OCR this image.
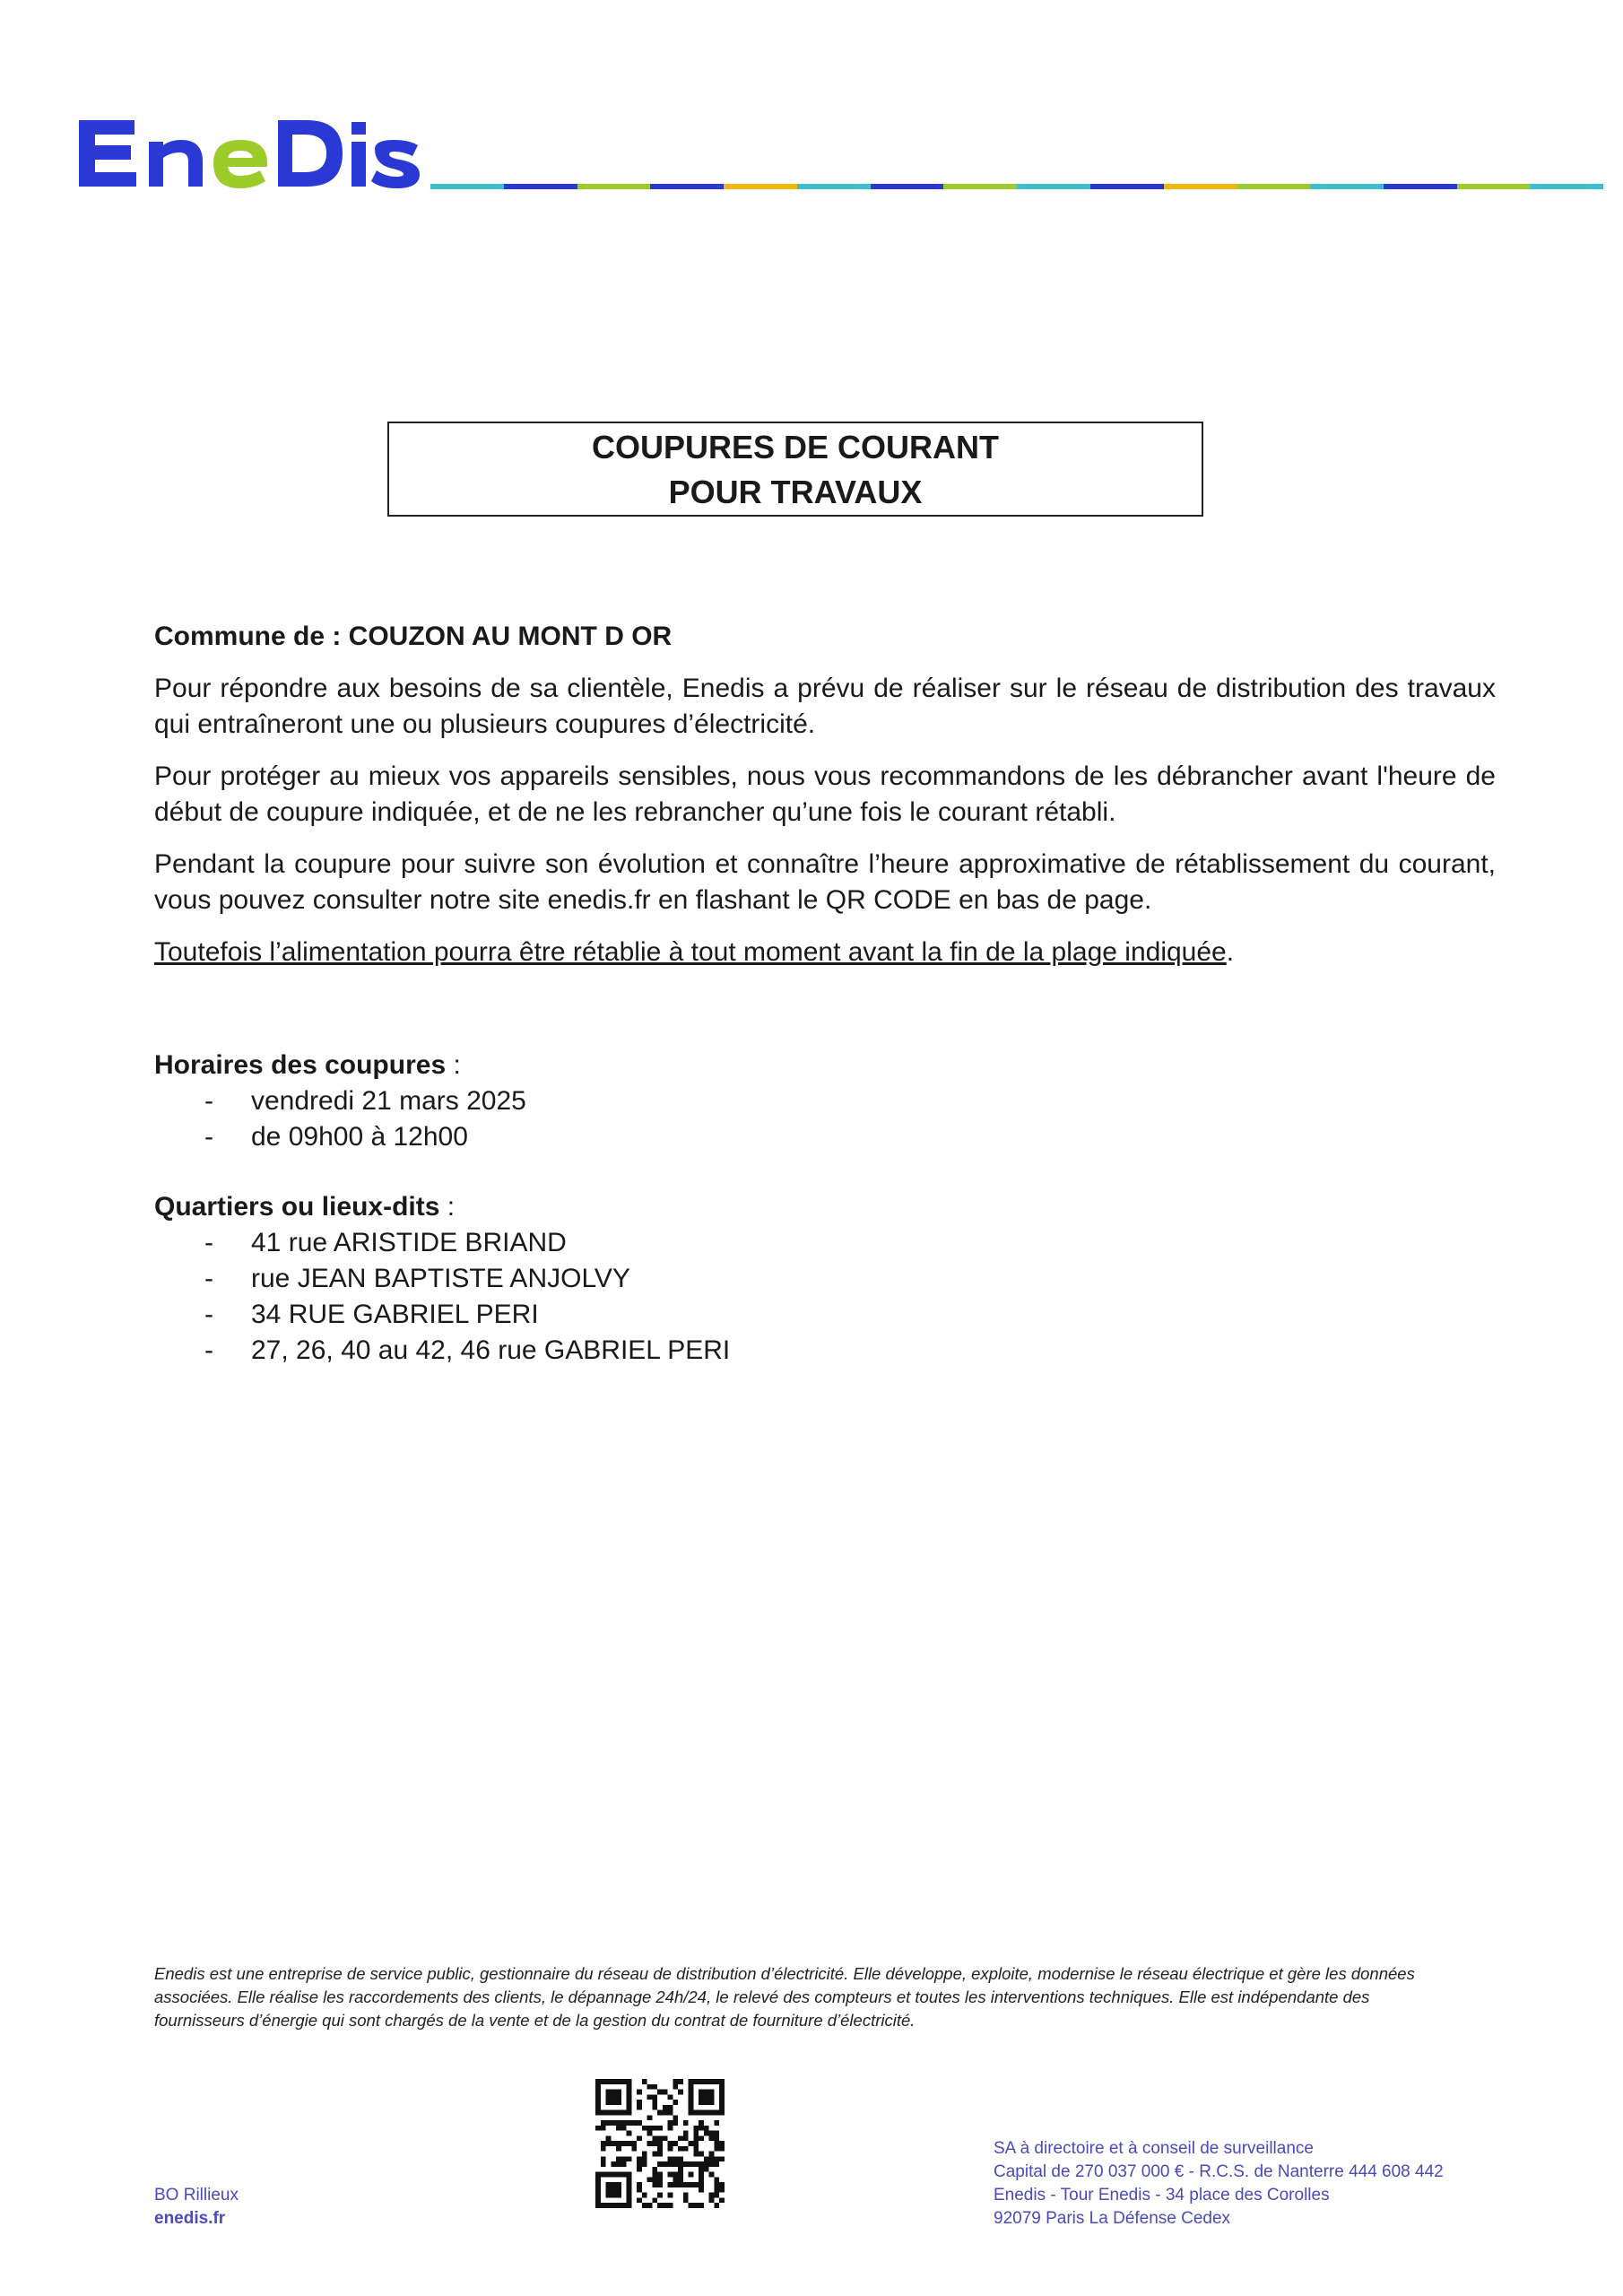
COUPURES DE COURANT
POUR TRAVAUX

Commune de : COUZON AU MONT D OR

Pour répondre aux besoins de sa clientèle, Enedis a prévu de réaliser sur le réseau de distribution des travaux qui entraîneront une ou plusieurs coupures d’électricité.

Pour protéger au mieux vos appareils sensibles, nous vous recommandons de les débrancher avant l'heure de début de coupure indiquée, et de ne les rebrancher qu’une fois le courant rétabli.

Pendant la coupure pour suivre son évolution et connaître l’heure approximative de rétablissement du courant, vous pouvez consulter notre site enedis.fr en flashant le QR CODE en bas de page.

Toutefois l’alimentation pourra être rétablie à tout moment avant la fin de la plage indiquée.
Horaires des coupures :
- vendredi 21 mars 2025
- de 09h00 à 12h00
Quartiers ou lieux-dits :
- 41 rue ARISTIDE BRIAND
- rue JEAN BAPTISTE ANJOLVY
- 34 RUE GABRIEL PERI
- 27, 26, 40 au 42, 46 rue GABRIEL PERI
Enedis est une entreprise de service public, gestionnaire du réseau de distribution d’électricité. Elle développe, exploite, modernise le réseau électrique et gère les données associées. Elle réalise les raccordements des clients, le dépannage 24h/24, le relevé des compteurs et toutes les interventions techniques. Elle est indépendante des fournisseurs d’énergie qui sont chargés de la vente et de la gestion du contrat de fourniture d’électricité.
BO Rillieux
enedis.fr
SA à directoire et à conseil de surveillance
Capital de 270 037 000 € - R.C.S. de Nanterre 444 608 442
Enedis - Tour Enedis - 34 place des Corolles
92079 Paris La Défense Cedex
